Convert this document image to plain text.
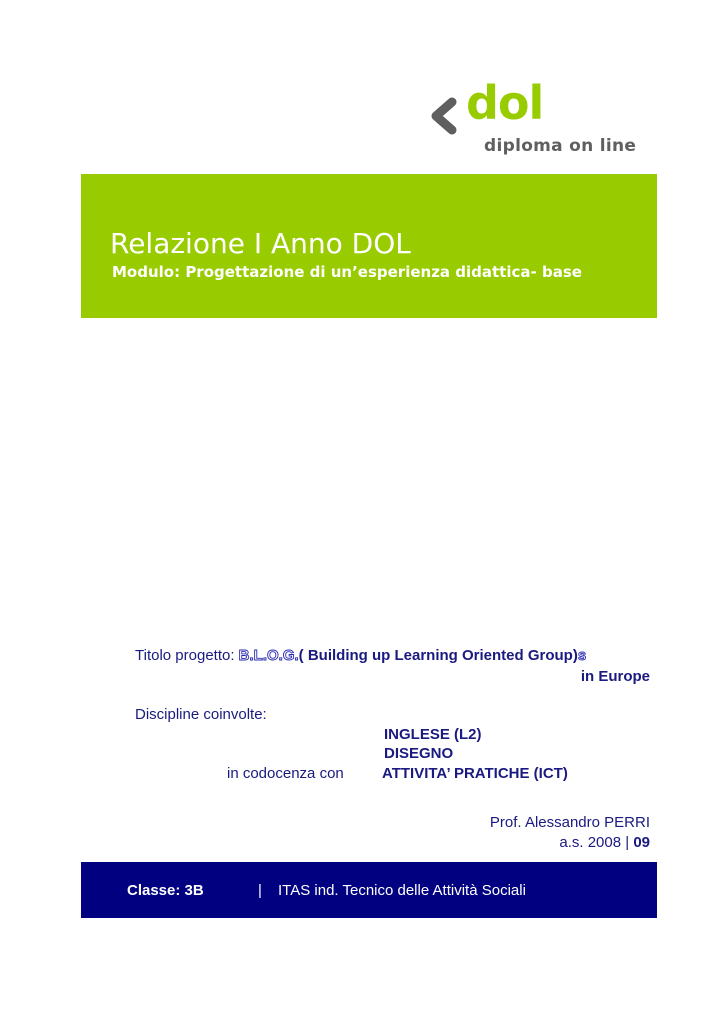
dol
diploma on line
Relazione I Anno DOL
Modulo: Progettazione di un’esperienza didattica- base
Titolo progetto: B.L.O.G.( Building up Learning Oriented Group)s
in Europe
Discipline coinvolte:
INGLESE (L2)
DISEGNO
in codocenza con	ATTIVITA’ PRATICHE (ICT)
Prof. Alessandro PERRI
a.s. 2008 | 09
Classe: 3B	| ITAS ind. Tecnico delle Attività Sociali
